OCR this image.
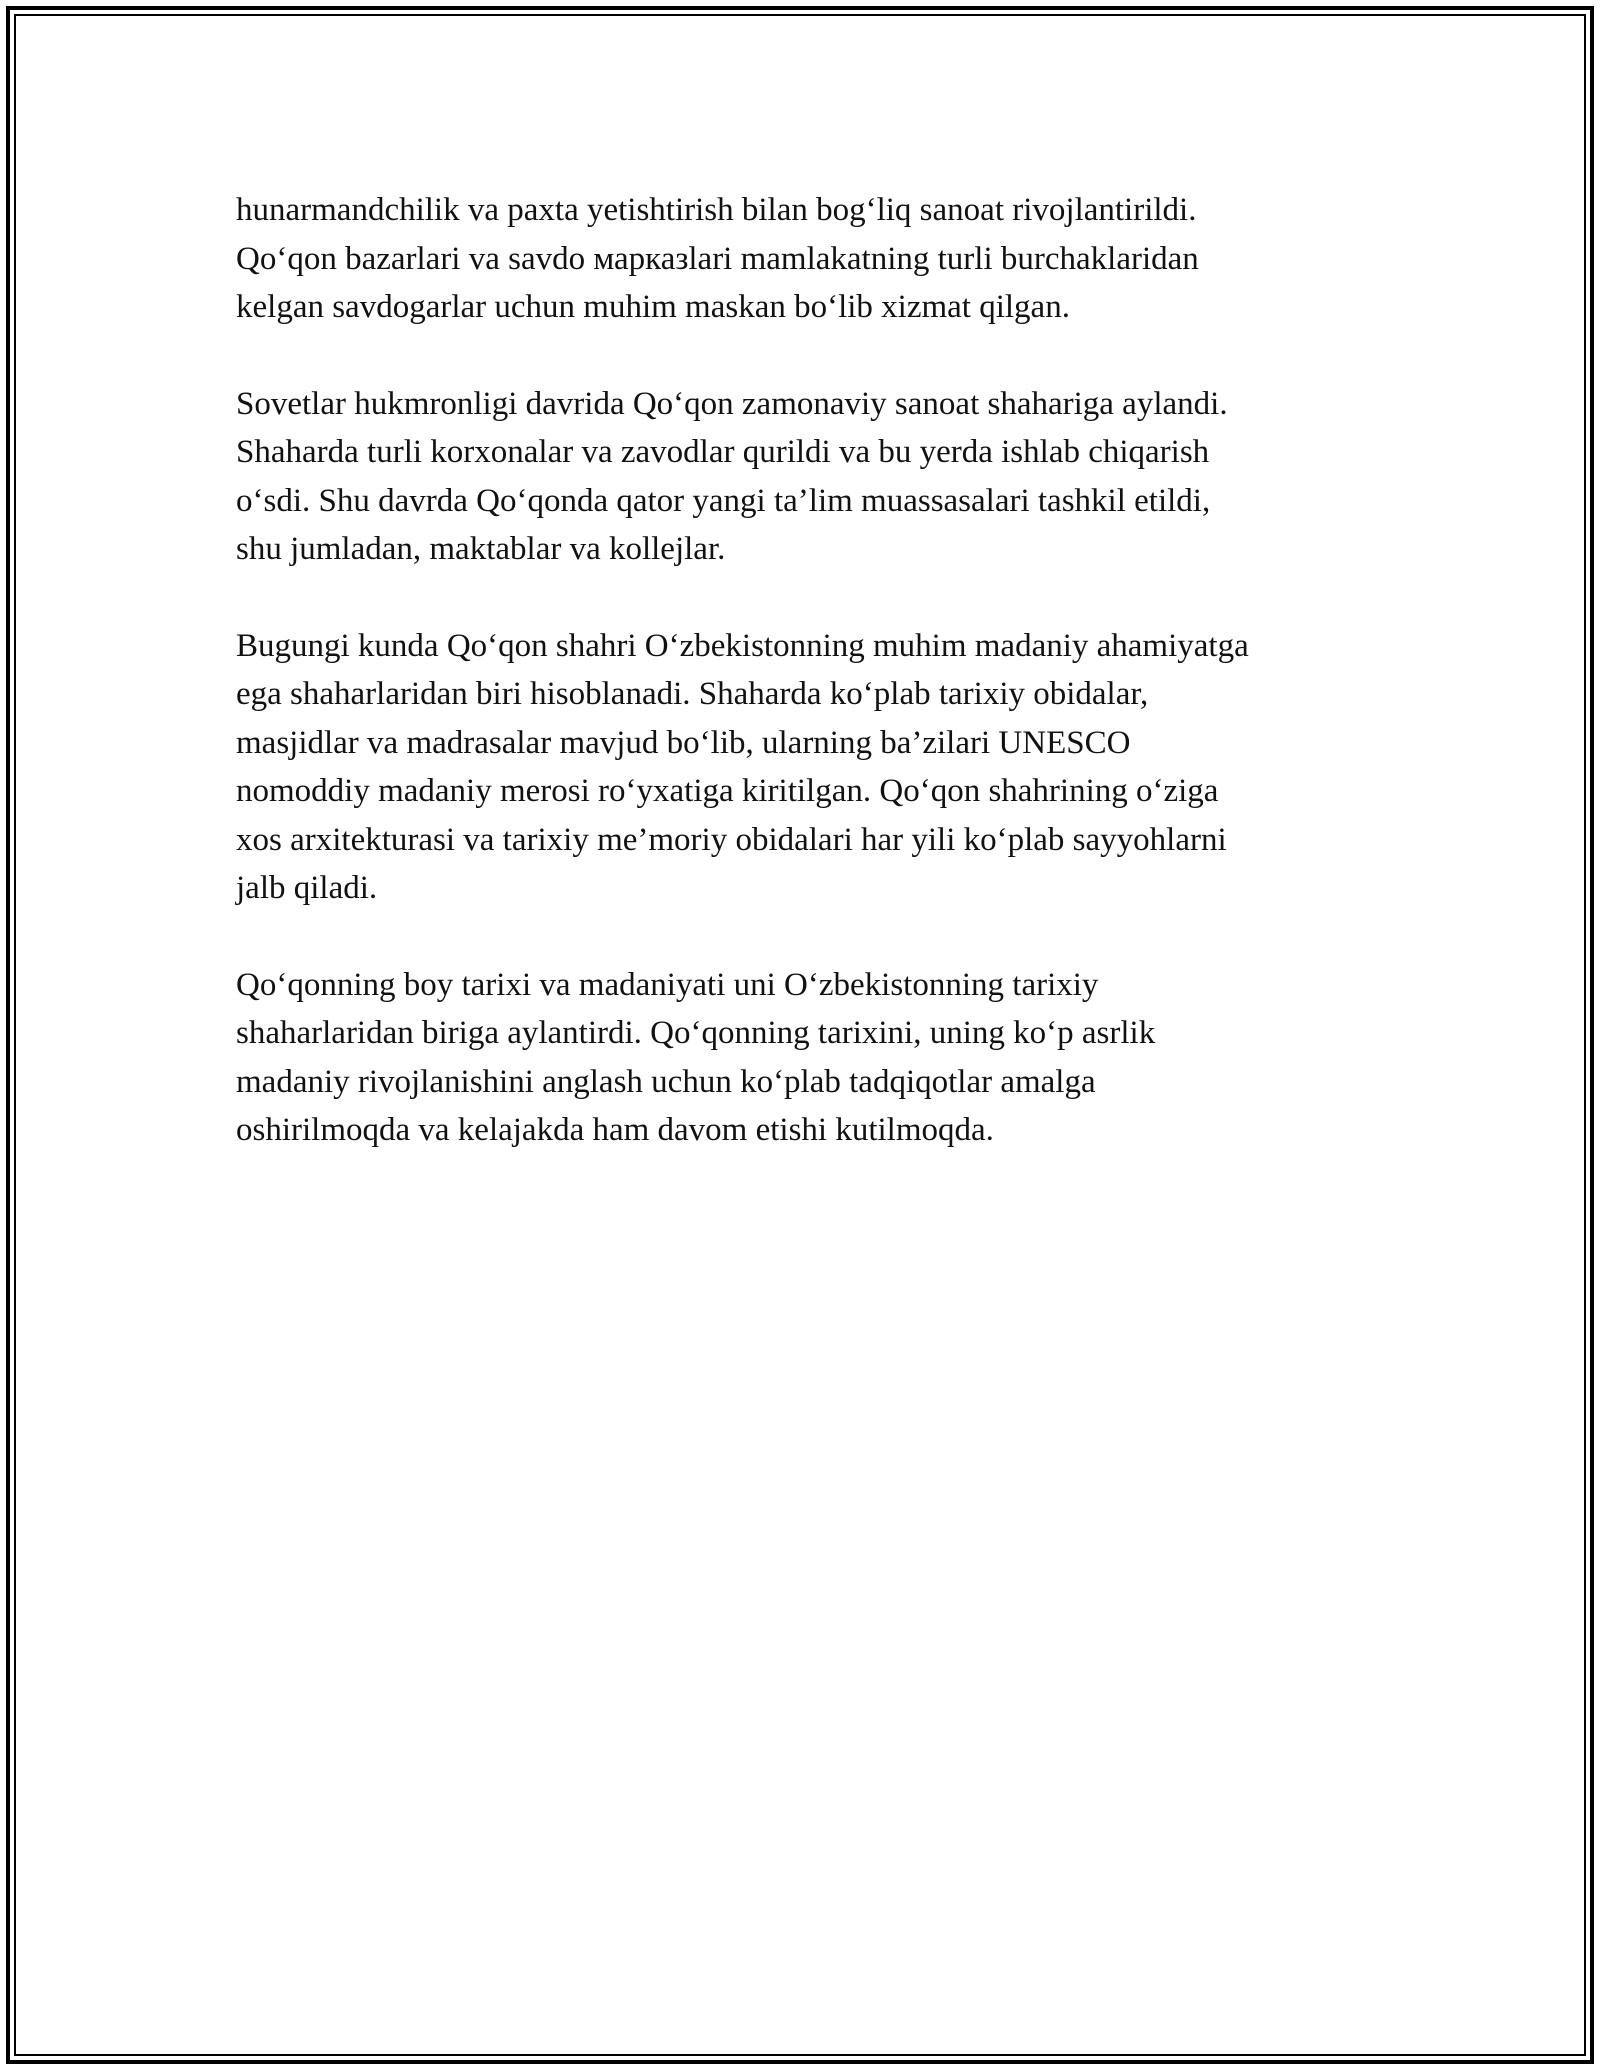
hunarmandchilik va paxta yetishtirish bilan bog‘liq sanoat rivojlantirildi.
Qo‘qon bazarlari va savdo марказlari mamlakatning turli burchaklaridan
kelgan savdogarlar uchun muhim maskan bo‘lib xizmat qilgan.

Sovetlar hukmronligi davrida Qo‘qon zamonaviy sanoat shahariga aylandi.
Shaharda turli korxonalar va zavodlar qurildi va bu yerda ishlab chiqarish
o‘sdi. Shu davrda Qo‘qonda qator yangi ta’lim muassasalari tashkil etildi,
shu jumladan, maktablar va kollejlar.

Bugungi kunda Qo‘qon shahri O‘zbekistonning muhim madaniy ahamiyatga
ega shaharlaridan biri hisoblanadi. Shaharda ko‘plab tarixiy obidalar,
masjidlar va madrasalar mavjud bo‘lib, ularning ba’zilari UNESCO
nomoddiy madaniy merosi ro‘yxatiga kiritilgan. Qo‘qon shahrining o‘ziga
xos arxitekturasi va tarixiy me’moriy obidalari har yili ko‘plab sayyohlarni
jalb qiladi.

Qo‘qonning boy tarixi va madaniyati uni O‘zbekistonning tarixiy
shaharlaridan biriga aylantirdi. Qo‘qonning tarixini, uning ko‘p asrlik
madaniy rivojlanishini anglash uchun ko‘plab tadqiqotlar amalga
oshirilmoqda va kelajakda ham davom etishi kutilmoqda.
